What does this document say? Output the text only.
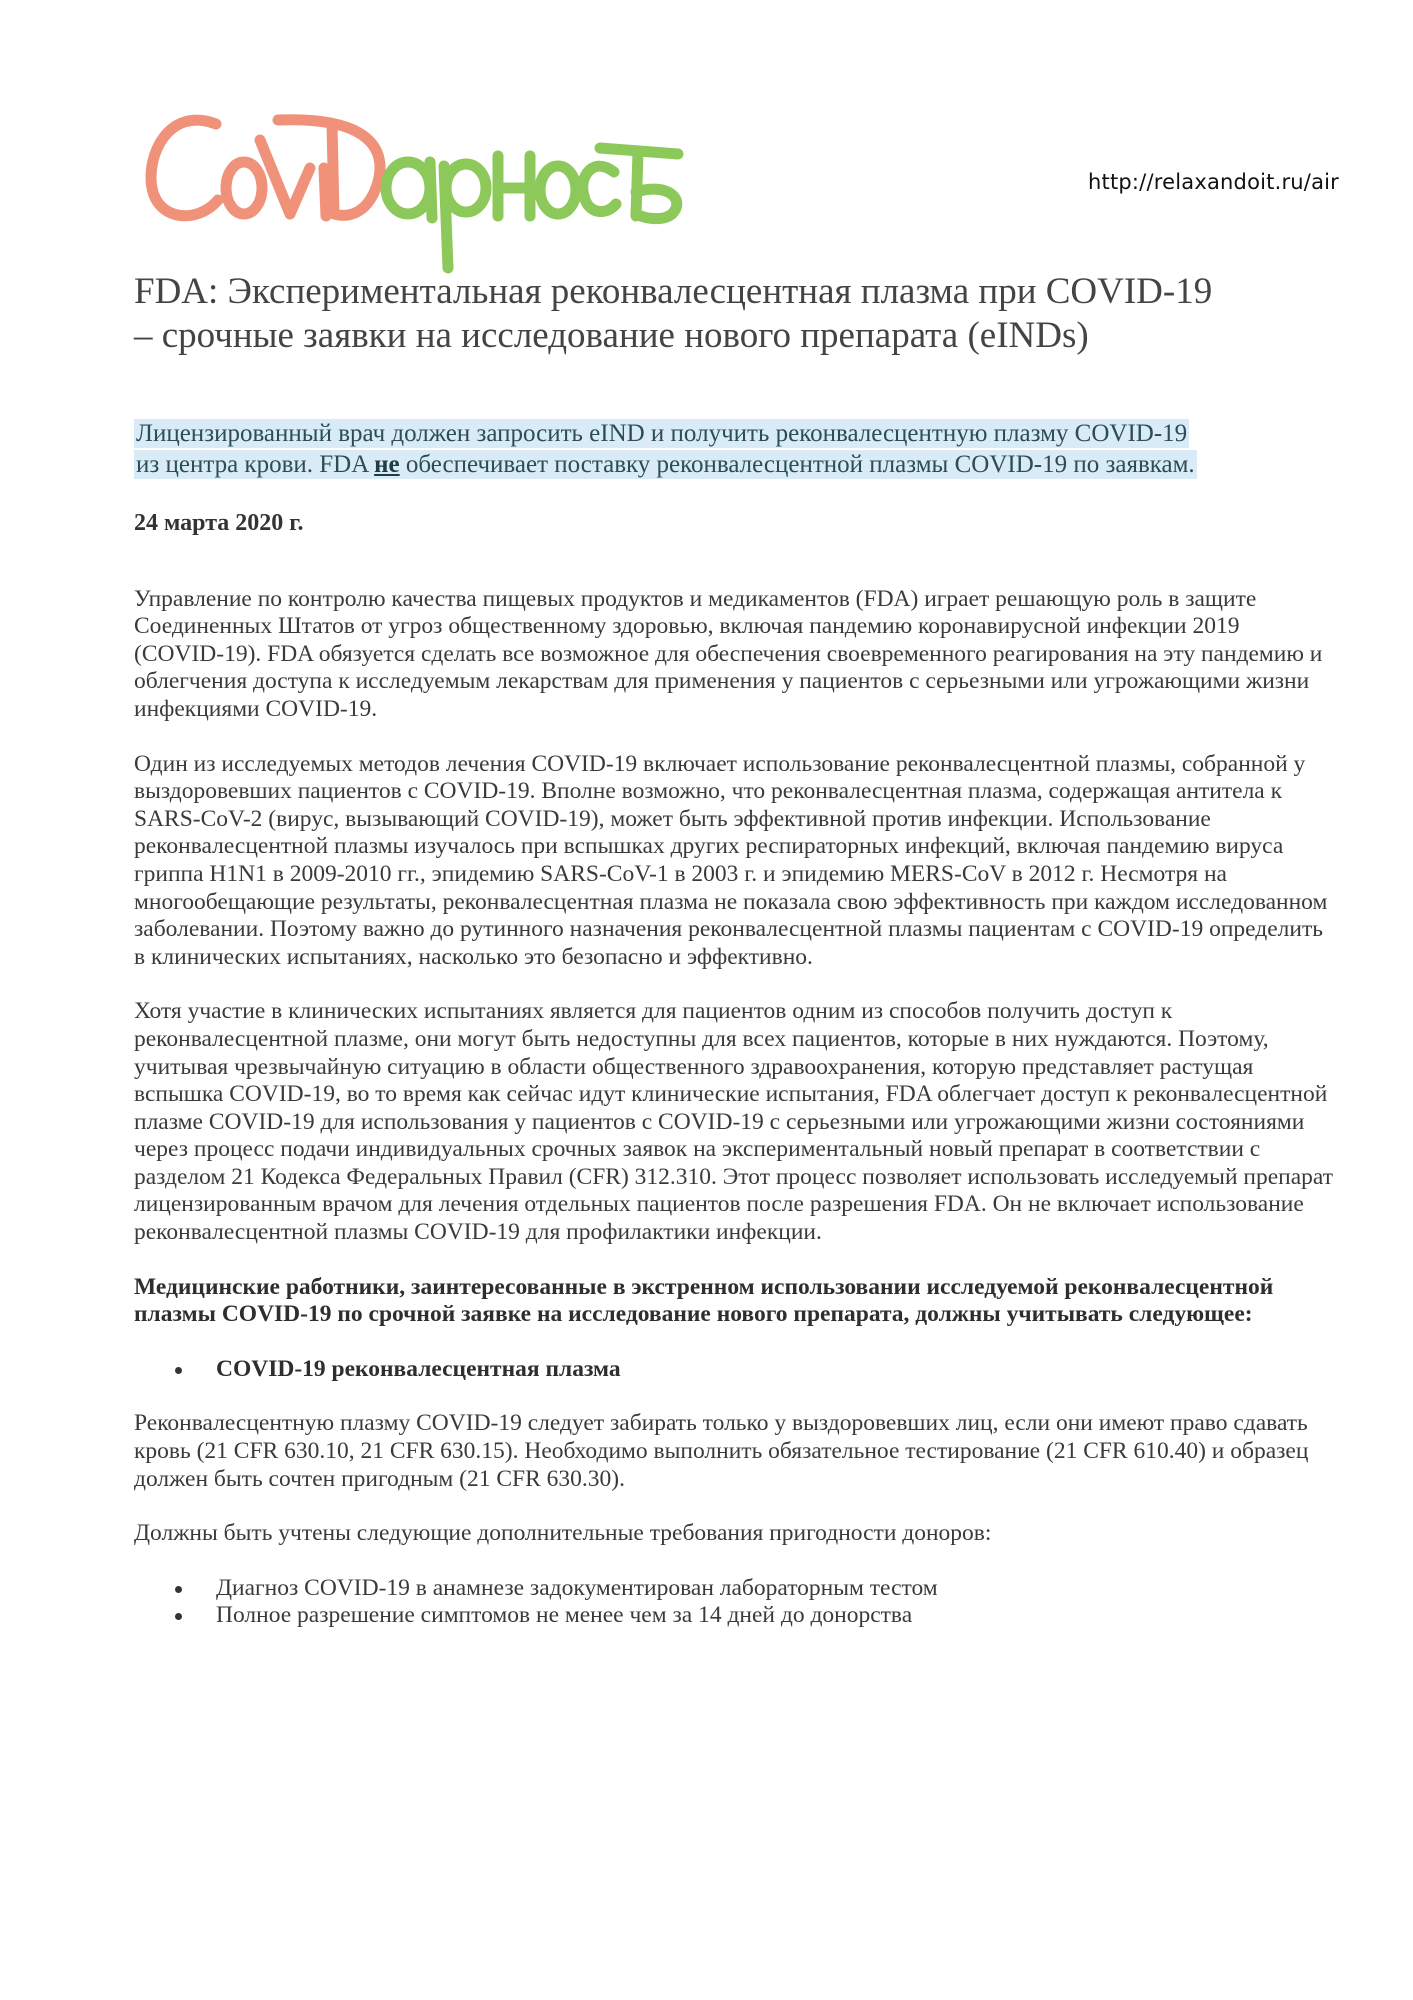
http://relaxandoit.ru/air
FDA: Экспериментальная реконвалесцентная плазма при COVID-19
– срочные заявки на исследование нового препарата (eINDs)
Лицензированный врач должен запросить eIND и получить реконвалесцентную плазму COVID-19
из центра крови. FDA не обеспечивает поставку реконвалесцентной плазмы COVID-19 по заявкам.

24 марта 2020 г.

Управление по контролю качества пищевых продуктов и медикаментов (FDA) играет решающую роль в защите Соединенных Штатов от угроз общественному здоровью, включая пандемию коронавирусной инфекции 2019 (COVID-19). FDA обязуется сделать все возможное для обеспечения своевременного реагирования на эту пандемию и облегчения доступа к исследуемым лекарствам для применения у пациентов с серьезными или угрожающими жизни инфекциями COVID-19.

Один из исследуемых методов лечения COVID-19 включает использование реконвалесцентной плазмы, собранной у выздоровевших пациентов с COVID-19. Вполне возможно, что реконвалесцентная плазма, содержащая антитела к SARS-CoV-2 (вирус, вызывающий COVID-19), может быть эффективной против инфекции. Использование реконвалесцентной плазмы изучалось при вспышках других респираторных инфекций, включая пандемию вируса гриппа H1N1 в 2009-2010 гг., эпидемию SARS-CoV-1 в 2003 г. и эпидемию MERS-CoV в 2012 г. Несмотря на многообещающие результаты, реконвалесцентная плазма не показала свою эффективность при каждом исследованном заболевании. Поэтому важно до рутинного назначения реконвалесцентной плазмы пациентам с COVID-19 определить в клинических испытаниях, насколько это безопасно и эффективно.

Хотя участие в клинических испытаниях является для пациентов одним из способов получить доступ к реконвалесцентной плазме, они могут быть недоступны для всех пациентов, которые в них нуждаются. Поэтому, учитывая чрезвычайную ситуацию в области общественного здравоохранения, которую представляет растущая вспышка COVID-19, во то время как сейчас идут клинические испытания, FDA облегчает доступ к реконвалесцентной плазме COVID-19 для использования у пациентов с COVID-19 с серьезными или угрожающими жизни состояниями через процесс подачи индивидуальных срочных заявок на экспериментальный новый препарат в соответствии с разделом 21 Кодекса Федеральных Правил (CFR) 312.310. Этот процесс позволяет использовать исследуемый препарат лицензированным врачом для лечения отдельных пациентов после разрешения FDA. Он не включает использование реконвалесцентной плазмы COVID-19 для профилактики инфекции.

Медицинские работники, заинтересованные в экстренном использовании исследуемой реконвалесцентной плазмы COVID-19 по срочной заявке на исследование нового препарата, должны учитывать следующее:

COVID-19 реконвалесцентная плазма

Реконвалесцентную плазму COVID-19 следует забирать только у выздоровевших лиц, если они имеют право сдавать кровь (21 CFR 630.10, 21 CFR 630.15). Необходимо выполнить обязательное тестирование (21 CFR 610.40) и образец должен быть сочтен пригодным (21 CFR 630.30).

Должны быть учтены следующие дополнительные требования пригодности доноров:

Диагноз COVID-19 в анамнезе задокументирован лабораторным тестом
Полное разрешение симптомов не менее чем за 14 дней до донорства
